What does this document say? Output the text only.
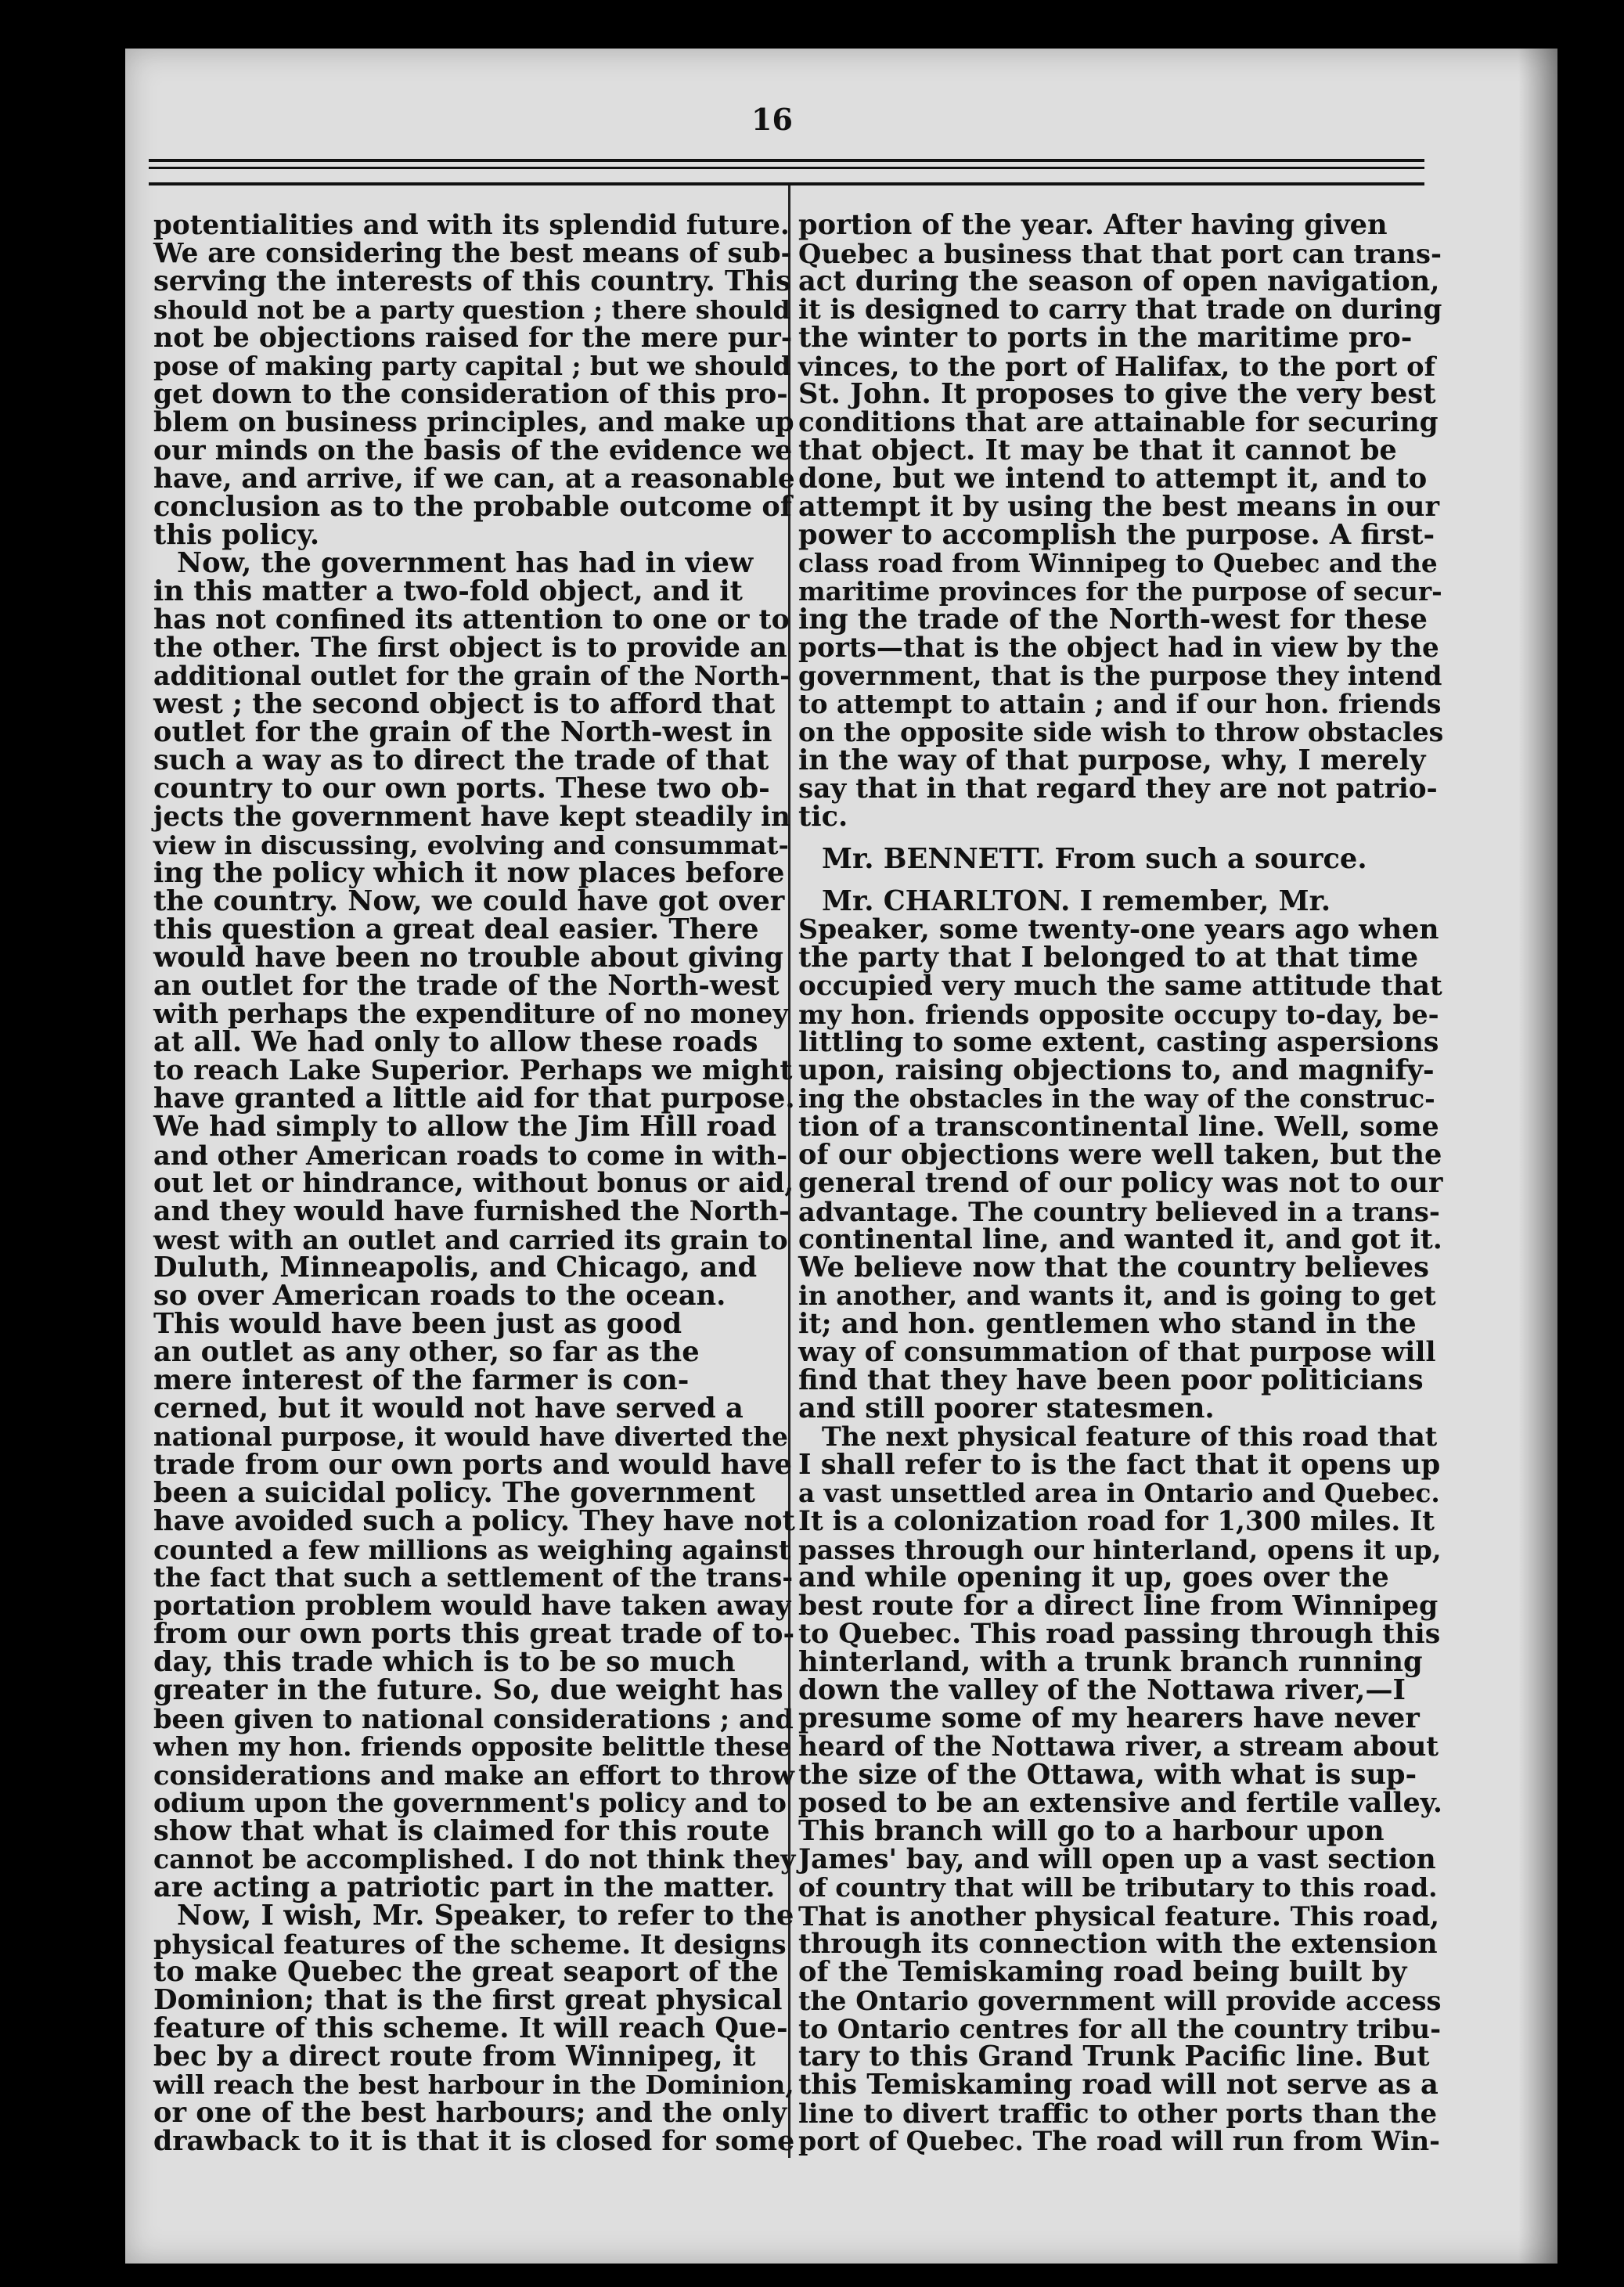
16
potentialities and with its splendid future.
We are considering the best means of sub-
serving the interests of this country. This
should not be a party question ; there should
not be objections raised for the mere pur-
pose of making party capital ; but we should
get down to the consideration of this pro-
blem on business principles, and make up
our minds on the basis of the evidence we
have, and arrive, if we can, at a reasonable
conclusion as to the probable outcome of
this policy.
Now, the government has had in view
in this matter a two-fold object, and it
has not confined its attention to one or to
the other. The first object is to provide an
additional outlet for the grain of the North-
west ; the second object is to afford that
outlet for the grain of the North-west in
such a way as to direct the trade of that
country to our own ports. These two ob-
jects the government have kept steadily in
view in discussing, evolving and consummat-
ing the policy which it now places before
the country. Now, we could have got over
this question a great deal easier. There
would have been no trouble about giving
an outlet for the trade of the North-west
with perhaps the expenditure of no money
at all. We had only to allow these roads
to reach Lake Superior. Perhaps we might
have granted a little aid for that purpose.
We had simply to allow the Jim Hill road
and other American roads to come in with-
out let or hindrance, without bonus or aid,
and they would have furnished the North-
west with an outlet and carried its grain to
Duluth, Minneapolis, and Chicago, and
so over American roads to the ocean.
This would have been just as good
an outlet as any other, so far as the
mere interest of the farmer is con-
cerned, but it would not have served a
national purpose, it would have diverted the
trade from our own ports and would have
been a suicidal policy. The government
have avoided such a policy. They have not
counted a few millions as weighing against
the fact that such a settlement of the trans-
portation problem would have taken away
from our own ports this great trade of to-
day, this trade which is to be so much
greater in the future. So, due weight has
been given to national considerations ; and
when my hon. friends opposite belittle these
considerations and make an effort to throw
odium upon the government's policy and to
show that what is claimed for this route
cannot be accomplished. I do not think they
are acting a patriotic part in the matter.
Now, I wish, Mr. Speaker, to refer to the
physical features of the scheme. It designs
to make Quebec the great seaport of the
Dominion; that is the first great physical
feature of this scheme. It will reach Que-
bec by a direct route from Winnipeg, it
will reach the best harbour in the Dominion,
or one of the best harbours; and the only
drawback to it is that it is closed for some
portion of the year. After having given
Quebec a business that that port can trans-
act during the season of open navigation,
it is designed to carry that trade on during
the winter to ports in the maritime pro-
vinces, to the port of Halifax, to the port of
St. John. It proposes to give the very best
conditions that are attainable for securing
that object. It may be that it cannot be
done, but we intend to attempt it, and to
attempt it by using the best means in our
power to accomplish the purpose. A first-
class road from Winnipeg to Quebec and the
maritime provinces for the purpose of secur-
ing the trade of the North-west for these
ports—that is the object had in view by the
government, that is the purpose they intend
to attempt to attain ; and if our hon. friends
on the opposite side wish to throw obstacles
in the way of that purpose, why, I merely
say that in that regard they are not patrio-
tic.
Mr. BENNETT. From such a source.
Mr. CHARLTON. I remember, Mr.
Speaker, some twenty-one years ago when
the party that I belonged to at that time
occupied very much the same attitude that
my hon. friends opposite occupy to-day, be-
littling to some extent, casting aspersions
upon, raising objections to, and magnify-
ing the obstacles in the way of the construc-
tion of a transcontinental line. Well, some
of our objections were well taken, but the
general trend of our policy was not to our
advantage. The country believed in a trans-
continental line, and wanted it, and got it.
We believe now that the country believes
in another, and wants it, and is going to get
it; and hon. gentlemen who stand in the
way of consummation of that purpose will
find that they have been poor politicians
and still poorer statesmen.
The next physical feature of this road that
I shall refer to is the fact that it opens up
a vast unsettled area in Ontario and Quebec.
It is a colonization road for 1,300 miles. It
passes through our hinterland, opens it up,
and while opening it up, goes over the
best route for a direct line from Winnipeg
to Quebec. This road passing through this
hinterland, with a trunk branch running
down the valley of the Nottawa river,—I
presume some of my hearers have never
heard of the Nottawa river, a stream about
the size of the Ottawa, with what is sup-
posed to be an extensive and fertile valley.
This branch will go to a harbour upon
James' bay, and will open up a vast section
of country that will be tributary to this road.
That is another physical feature. This road,
through its connection with the extension
of the Temiskaming road being built by
the Ontario government will provide access
to Ontario centres for all the country tribu-
tary to this Grand Trunk Pacific line. But
this Temiskaming road will not serve as a
line to divert traffic to other ports than the
port of Quebec. The road will run from Win-
